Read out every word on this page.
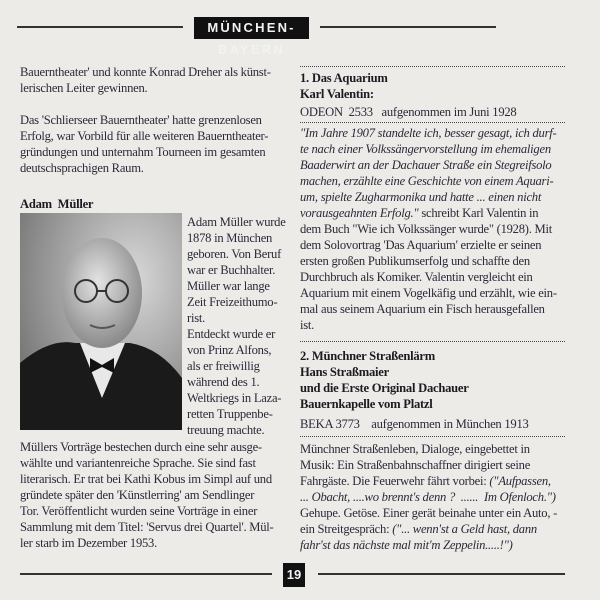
MÜNCHEN-BAYERN
Bauerntheater' und konnte Konrad Dreher als künst-
lerischen Leiter gewinnen.
Das 'Schlierseer Bauerntheater' hatte grenzenlosen
Erfolg, war Vorbild für alle weiteren Bauerntheater-
gründungen und unternahm Tourneen im gesamten
deutschsprachigen Raum.
Adam  Müller
Adam Müller wurde
1878 in München
geboren. Von Beruf
war er Buchhalter.
Müller war lange
Zeit Freizeithumo-
rist.
Entdeckt wurde er
von Prinz Alfons,
als er freiwillig
während des 1.
Weltkriegs in Laza-
retten Truppenbe-
treuung machte.
Müllers Vorträge bestechen durch eine sehr ausge-
wählte und variantenreiche Sprache. Sie sind fast
literarisch. Er trat bei Kathi Kobus im Simpl auf und
gründete später den 'Künstlerring' am Sendlinger
Tor. Veröffentlicht wurden seine Vorträge in einer
Sammlung mit dem Titel: 'Servus drei Quartel'. Mül-
ler starb im Dezember 1953.
1. Das Aquarium
Karl Valentin:
ODEON  2533   aufgenommen im Juni 1928
"Im Jahre 1907 standelte ich, besser gesagt, ich durf-
te nach einer Volkssängervorstellung im ehemaligen
Baaderwirt an der Dachauer Straße ein Stegreifsolo
machen, erzählte eine Geschichte von einem Aquari-
um, spielte Zugharmonika und hatte ... einen nicht
vorausgeahnten Erfolg." schreibt Karl Valentin in
dem Buch "Wie ich Volkssänger wurde" (1928). Mit
dem Solovortrag 'Das Aquarium' erzielte er seinen
ersten großen Publikumserfolg und schaffte den
Durchbruch als Komiker. Valentin vergleicht ein
Aquarium mit einem Vogelkäfig und erzählt, wie ein-
mal aus seinem Aquarium ein Fisch herausgefallen
ist.
2. Münchner Straßenlärm
Hans Straßmaier
und die Erste Original Dachauer
Bauernkapelle vom Platzl
BEKA 3773    aufgenommen in München 1913
Münchner Straßenleben, Dialoge, eingebettet in
Musik: Ein Straßenbahnschaffner dirigiert seine
Fahrgäste. Die Feuerwehr fährt vorbei: ("Aufpassen,
... Obacht, ....wo brennt's denn ?  ......  Im Ofenloch.")
Gehupe. Getöse. Einer gerät beinahe unter ein Auto, -
ein Streitgespräch: ("... wenn'st a Geld hast, dann
fahr'st das nächste mal mit'm Zeppelin.....!")
19
